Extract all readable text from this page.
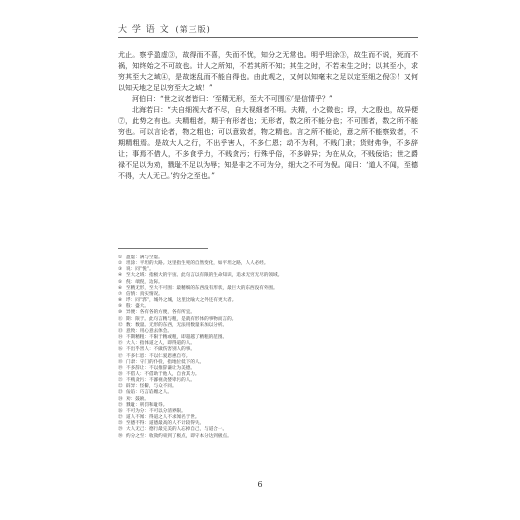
大 学 语 文 (第三版)

尤止。察乎盈虚③，故得而不喜，失而不忧，知分之无常也。明乎坦涂③，故生而不说，死而不祸，知终始之不可故也。计人之所知，不若其所不知；其生之时，不若未生之时；以其至小，求穷其至大之域④，是故迷乱而不能自得也。由此观之，又何以知毫末之足以定至细之倪⑤！又何以知天地之足以穷至大之域！”

河伯曰：“世之议者皆曰：‘至精无形，至大不可围⑥’是信情乎？”

北海若曰：“夫自细视大者不尽，自大视细者不明。夫精，小之微也；垺，大之殷也，故异便⑦，此势之有也。夫精粗者，期于有形者也；无形者，数之所不能分也；不可围者，数之所不能穷也。可以言论者，物之粗也；可以意致者，物之精也。言之所不能论，意之所不能察致者，不期精粗焉。是故大人之行，不出乎害人，不多仁恩；动不为利，不贱门隶；货财弗争，不多辞让；事焉不借人，不多食乎力，不贱贪污；行殊乎俗，不多辟异；为在从众，不贱佞谄；世之爵禄不足以为劝，戮耻不足以为辱；知是非之不可为分，细大之不可为倪。闻曰：‘道人不闻，至德不得，大人无己。’约分之至也。”

① 盈虚：满与空虚。
② 坦涂：平坦的大路。这里指生死的自然变化，如平坦之路，人人必经。
③ 说：同“悦”。
④ 至大之域：指极大的宇宙。此句言以有限的生命知识，追求无穷无尽的领域。
⑤ 倪：端倪，边际。
⑥ 至精无形，至大不可围：最精细的东西没有形状，最巨大的东西没有外围。
⑦ 信情：真实情况。
⑧ 垺：同“郛”，城外之城，这里比喻大之外还有更大者。
⑨ 殷：盛大。
⑩ 异便：各有各的方便，各有所宜。
⑪ 期：限于。此句言精与粗，是就有形体的事物而言的。
⑫ 数：数量。无形的东西，无法用数量来加以分析。
⑬ 意致：用心意去体会。
⑭ 不期精粗：不限于精或粗，即超越了精粗的范围。
⑮ 大人：指体道之人，即得道的人。
⑯ 不出乎害人：不做伤害别人的事。
⑰ 不多仁恩：不以仁爱恩惠自夸。
⑱ 门隶：守门的仆役，指地位低下的人。
⑲ 不多辞让：不以推辞谦让为美德。
⑳ 不借人：不借助于他人，自食其力。
㉑ 不贱贪污：不鄙视贪婪卑污的人。
㉒ 辟异：怪僻，与众不同。
㉓ 佞谄：巧言谄媚之人。
㉔ 劝：鼓励。
㉕ 戮耻：刑罚和耻辱。
㉖ 不可为分：不可以分清界限。
㉗ 道人不闻：得道之人不求闻名于世。
㉘ 至德不得：道德最高的人不计较得失。
㉙ 大人无己：德行最完美的人忘掉自己，与道合一。
㉚ 约分之至：收敛约束到了极点，即守本分达到极点。
6
